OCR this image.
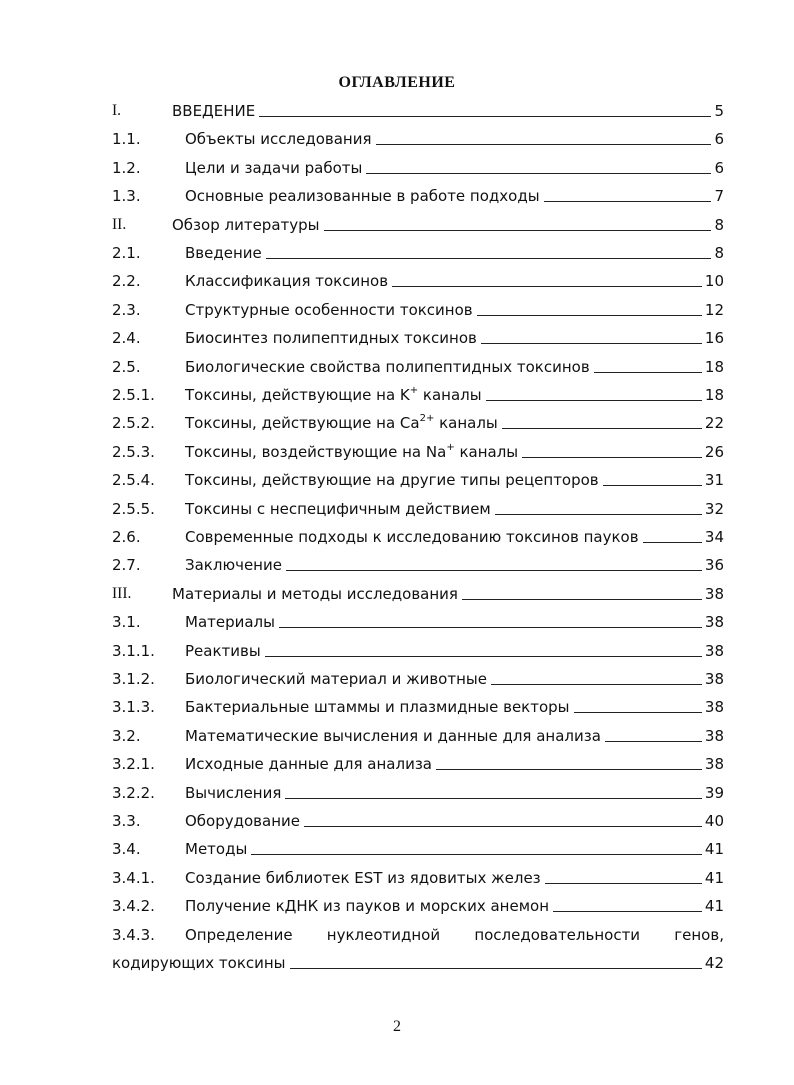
ОГЛАВЛЕНИЕ
I.	ВВЕДЕНИЕ	5
1.1.	Объекты исследования	6
1.2.	Цели и задачи работы	6
1.3.	Основные реализованные в работе подходы	7
II.	Обзор литературы	8
2.1.	Введение	8
2.2.	Классификация токсинов	10
2.3.	Структурные особенности токсинов	12
2.4.	Биосинтез полипептидных токсинов	16
2.5.	Биологические свойства полипептидных токсинов	18
2.5.1.	Токсины, действующие на K+ каналы	18
2.5.2.	Токсины, действующие на $Ca^{2+}$ каналы	22
2.5.3.	Токсины, воздействующие на Na+ каналы	26
2.5.4.	Токсины, действующие на другие типы рецепторов	31
2.5.5.	Токсины с неспецифичным действием	32
2.6.	Современные подходы к исследованию токсинов пауков	34
2.7.	Заключение	36
III.	Материалы и методы исследования	38
3.1.	Материалы	38
3.1.1.	Реактивы	38
3.1.2.	Биологический материал и животные	38
3.1.3.	Бактериальные штаммы и плазмидные векторы	38
3.2.	Математические вычисления и данные для анализа	38
3.2.1.	Исходные данные для анализа	38
3.2.2.	Вычисления	39
3.3.	Оборудование	40
3.4.	Методы	41
3.4.1.	Создание библиотек EST из ядовитых желез	41
3.4.2.	Получение кДНК из пауков и морских анемон	41
3.4.3.	Определение нуклеотидной последовательности генов,
кодирующих токсины	42
2
